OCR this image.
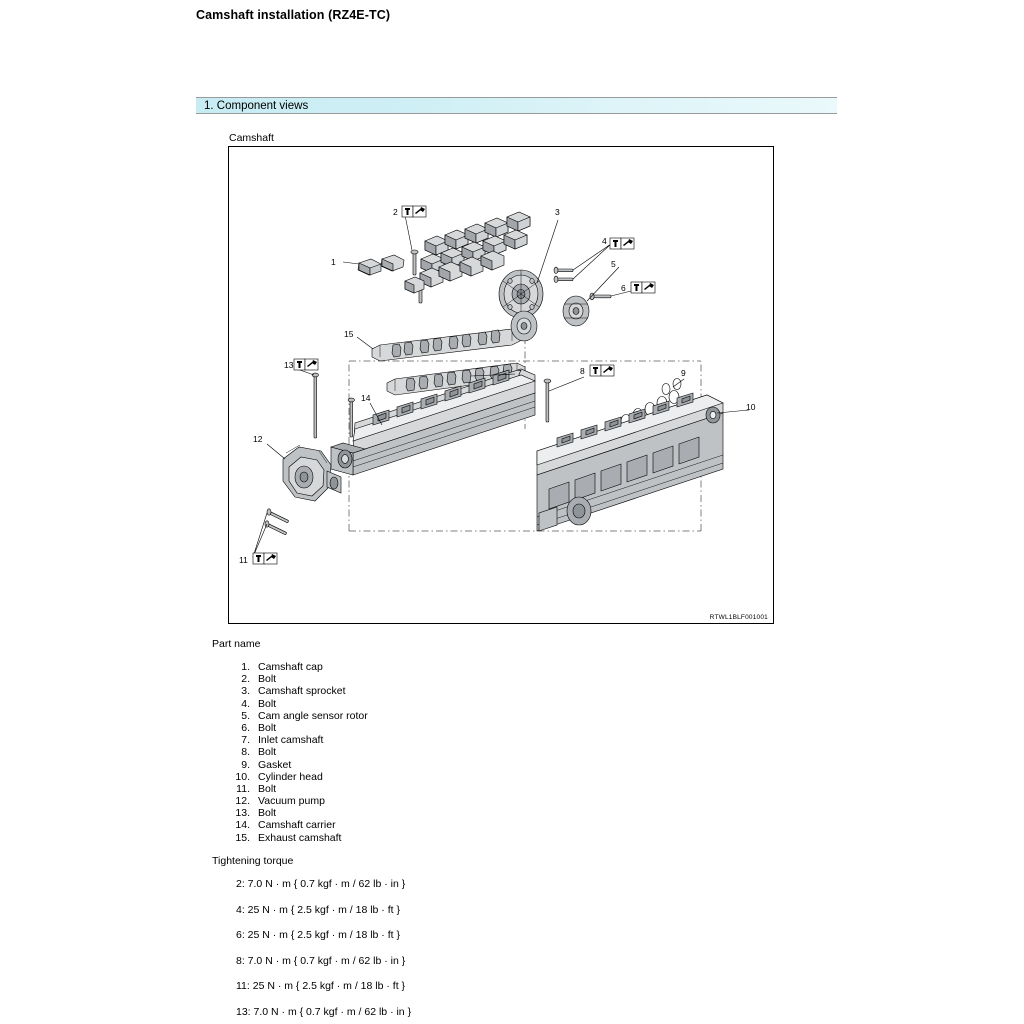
Camshaft installation (RZ4E-TC)
1. Component views
Camshaft
1
2	3
4
5
6
7	8	9
10
11
12
13
14
15
RTWL1BLF001001
Part name
1. Camshaft cap
2. Bolt
3. Camshaft sprocket
4. Bolt
5. Cam angle sensor rotor
6. Bolt
7. Inlet camshaft
8. Bolt
9. Gasket
10. Cylinder head
11. Bolt
12. Vacuum pump
13. Bolt
14. Camshaft carrier
15. Exhaust camshaft
Tightening torque
2: 7.0 N · m { 0.7 kgf · m / 62 lb · in }
4: 25 N · m { 2.5 kgf · m / 18 lb · ft }
6: 25 N · m { 2.5 kgf · m / 18 lb · ft }
8: 7.0 N · m { 0.7 kgf · m / 62 lb · in }
11: 25 N · m { 2.5 kgf · m / 18 lb · ft }
13: 7.0 N · m { 0.7 kgf · m / 62 lb · in }
